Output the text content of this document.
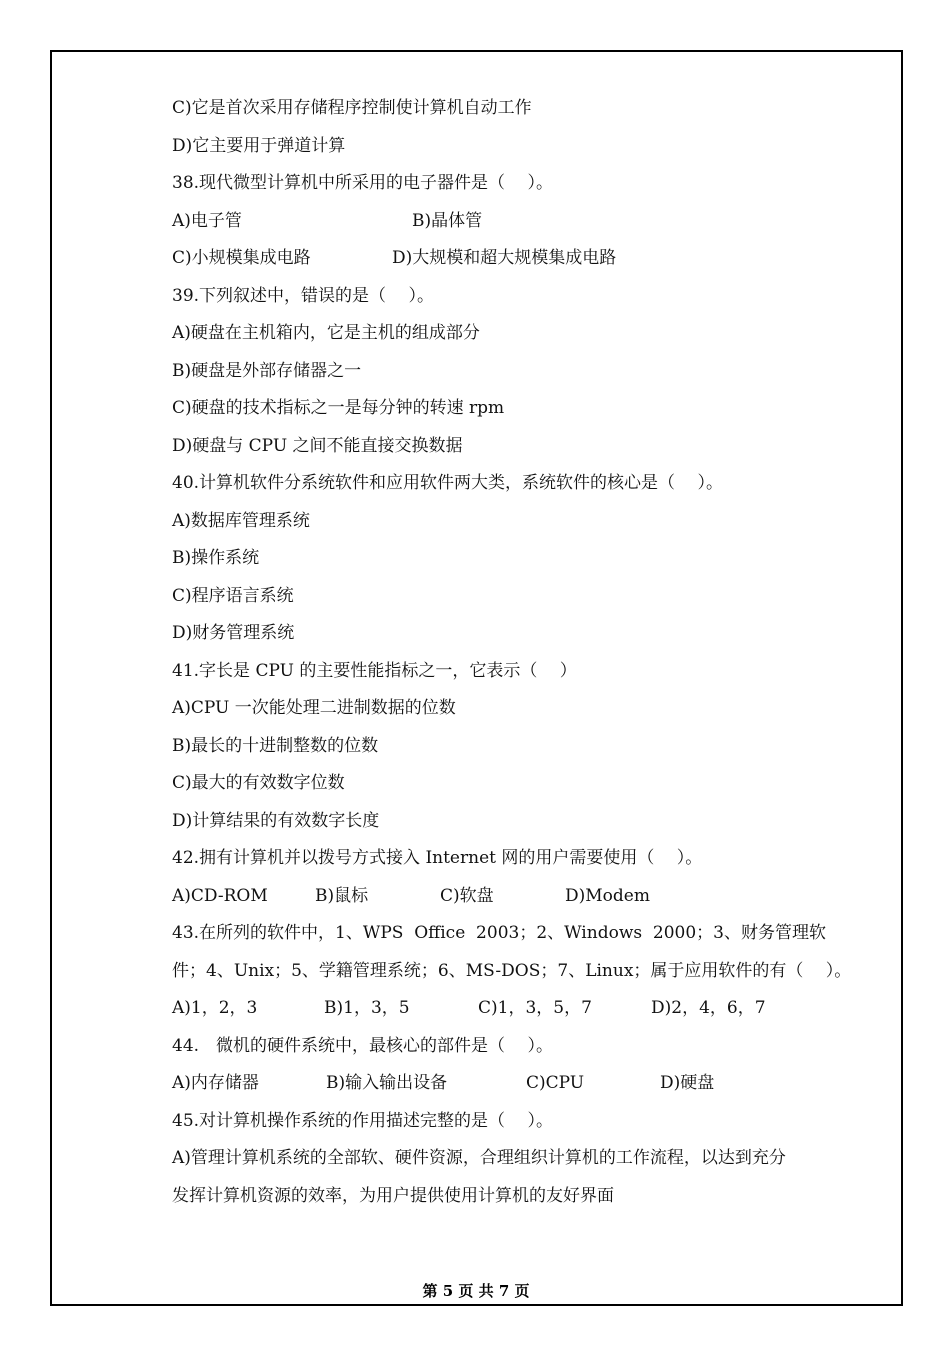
C)它是首次采用存储程序控制使计算机自动工作
D)它主要用于弹道计算
38.现代微型计算机中所采用的电子器件是（　 ）。
A)电子管	B)晶体管
C)小规模集成电路	D)大规模和超大规模集成电路
39.下列叙述中，错误的是（　 ）。
A)硬盘在主机箱内，它是主机的组成部分
B)硬盘是外部存储器之一
C)硬盘的技术指标之一是每分钟的转速 rpm
D)硬盘与 CPU 之间不能直接交换数据
40.计算机软件分系统软件和应用软件两大类，系统软件的核心是（　 ）。
A)数据库管理系统
B)操作系统
C)程序语言系统
D)财务管理系统
41.字长是 CPU 的主要性能指标之一，它表示（　 ）
A)CPU 一次能处理二进制数据的位数
B)最长的十进制整数的位数
C)最大的有效数字位数
D)计算结果的有效数字长度
42.拥有计算机并以拨号方式接入 Internet 网的用户需要使用（　 ）。
A)CD-ROM	B)鼠标	C)软盘	D)Modem
43.在所列的软件中，1、WPS  Office  2003；2、Windows  2000；3、财务管理软
件；4、Unix；5、学籍管理系统；6、MS-DOS；7、Linux；属于应用软件的有（　 ）。
A)1，2，3	B)1，3，5	C)1，3，5，7	D)2，4，6，7
44.　微机的硬件系统中，最核心的部件是（　 ）。
A)内存储器	B)输入输出设备	C)CPU	D)硬盘
45.对计算机操作系统的作用描述完整的是（　 ）。
A)管理计算机系统的全部软、硬件资源，合理组织计算机的工作流程，以达到充分
发挥计算机资源的效率，为用户提供使用计算机的友好界面
第 5 页 共 7 页
